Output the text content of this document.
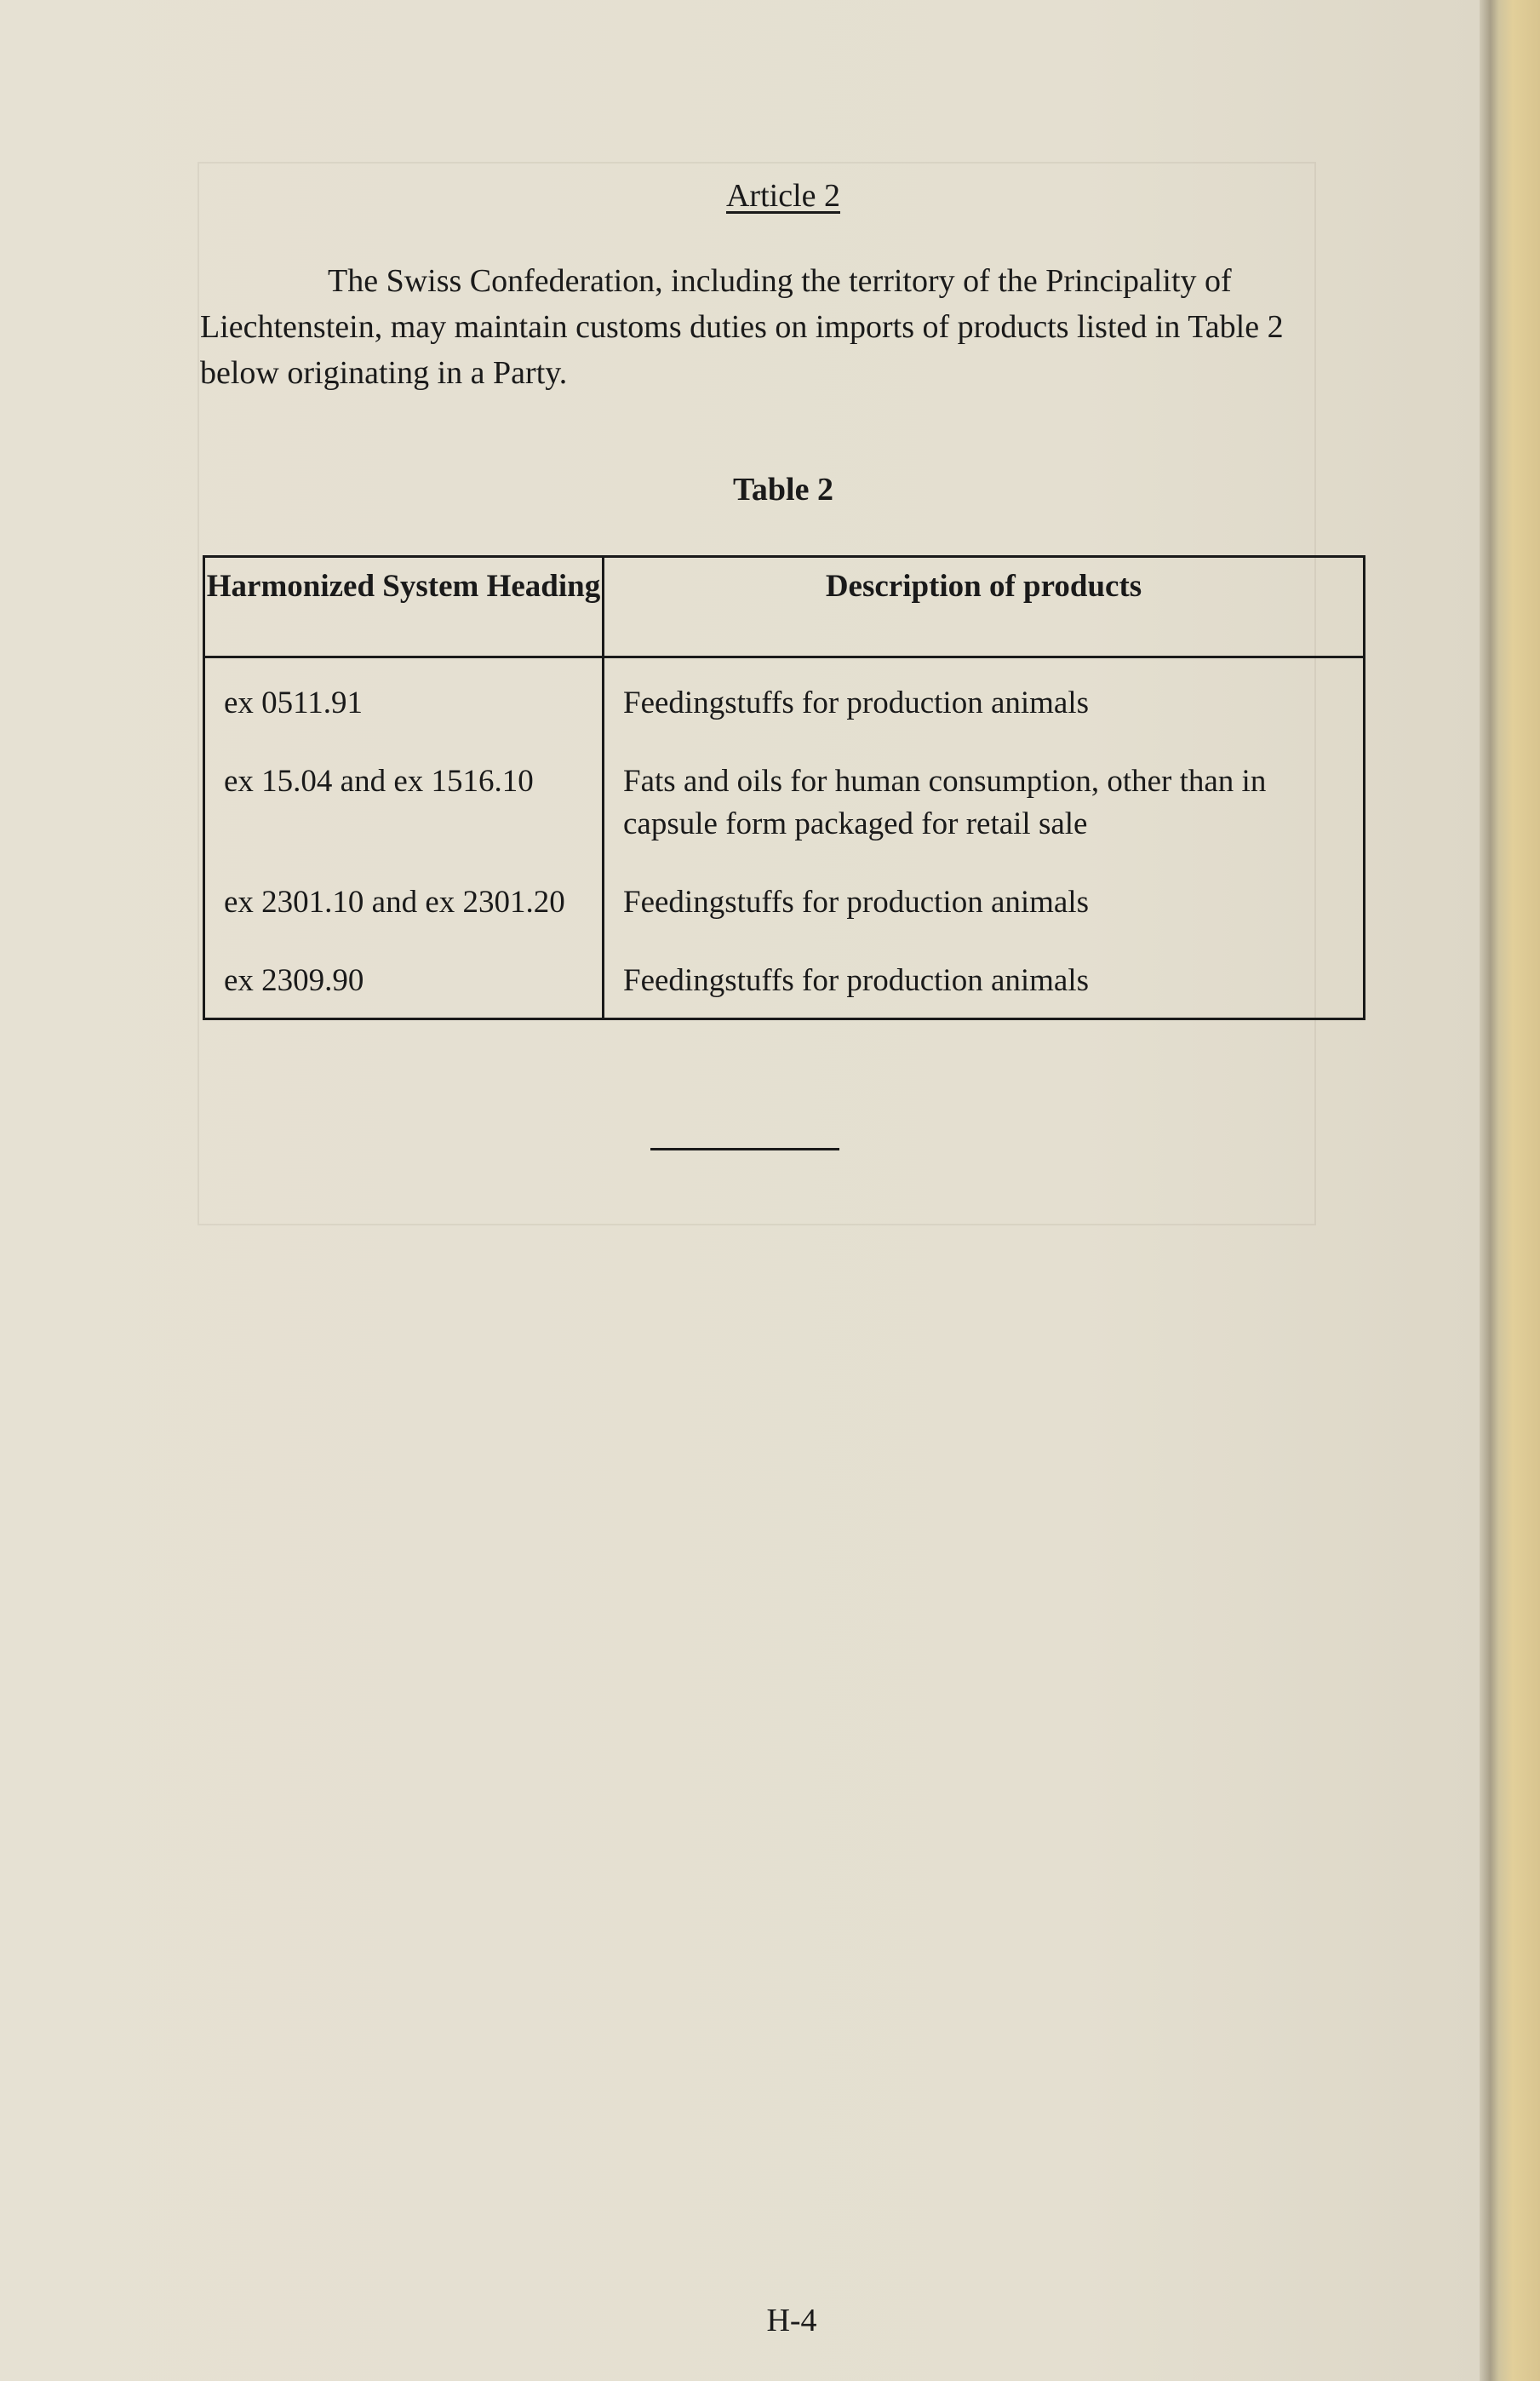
Article 2
The Swiss Confederation, including the territory of the Principality of Liechtenstein, may maintain customs duties on imports of products listed in Table 2 below originating in a Party.
Table 2
Harmonized System Heading	Description of products
ex 0511.91	Feedingstuffs for production animals

ex 15.04 and ex 1516.10	Fats and oils for human consumption, other than in capsule form packaged for retail sale

ex 2301.10 and ex 2301.20	Feedingstuffs for production animals

ex 2309.90	Feedingstuffs for production animals
H-4
